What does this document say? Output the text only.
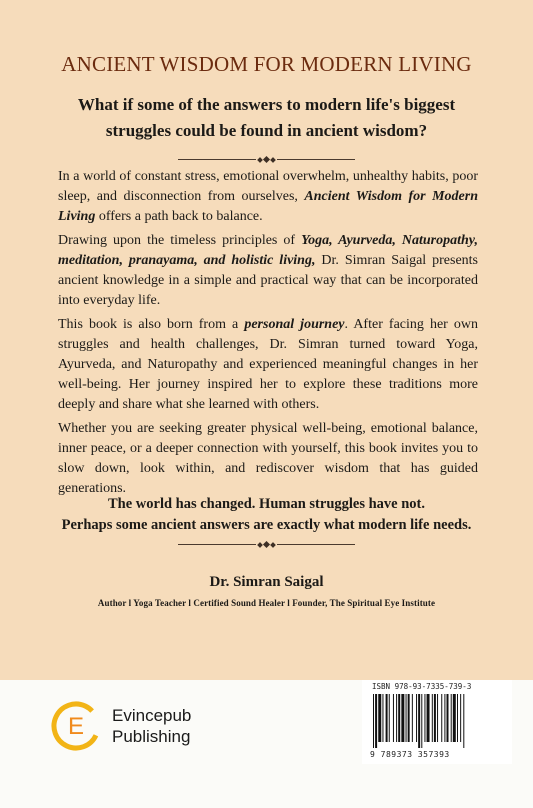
ANCIENT WISDOM FOR MODERN LIVING
What if some of the answers to modern life's biggest struggles could be found in ancient wisdom?

In a world of constant stress, emotional overwhelm, unhealthy habits, poor sleep, and disconnection from ourselves, Ancient Wisdom for Modern Living offers a path back to balance.

Drawing upon the timeless principles of Yoga, Ayurveda, Naturopathy, meditation, pranayama, and holistic living, Dr. Simran Saigal presents ancient knowledge in a simple and practical way that can be incorporated into everyday life.

This book is also born from a personal journey. After facing her own struggles and health challenges, Dr. Simran turned toward Yoga, Ayurveda, and Naturopathy and experienced meaningful changes in her well-being. Her journey inspired her to explore these traditions more deeply and share what she learned with others.

Whether you are seeking greater physical well-being, emotional balance, inner peace, or a deeper connection with yourself, this book invites you to slow down, look within, and rediscover wisdom that has guided generations.

The world has changed. Human struggles have not.
Perhaps some ancient answers are exactly what modern life needs.
Dr. Simran Saigal
Author l Yoga Teacher l Certified Sound Healer l Founder, The Spiritual Eye Institute
E Evincepub
Publishing
ISBN 978-93-7335-739-3
9 789373 357393
